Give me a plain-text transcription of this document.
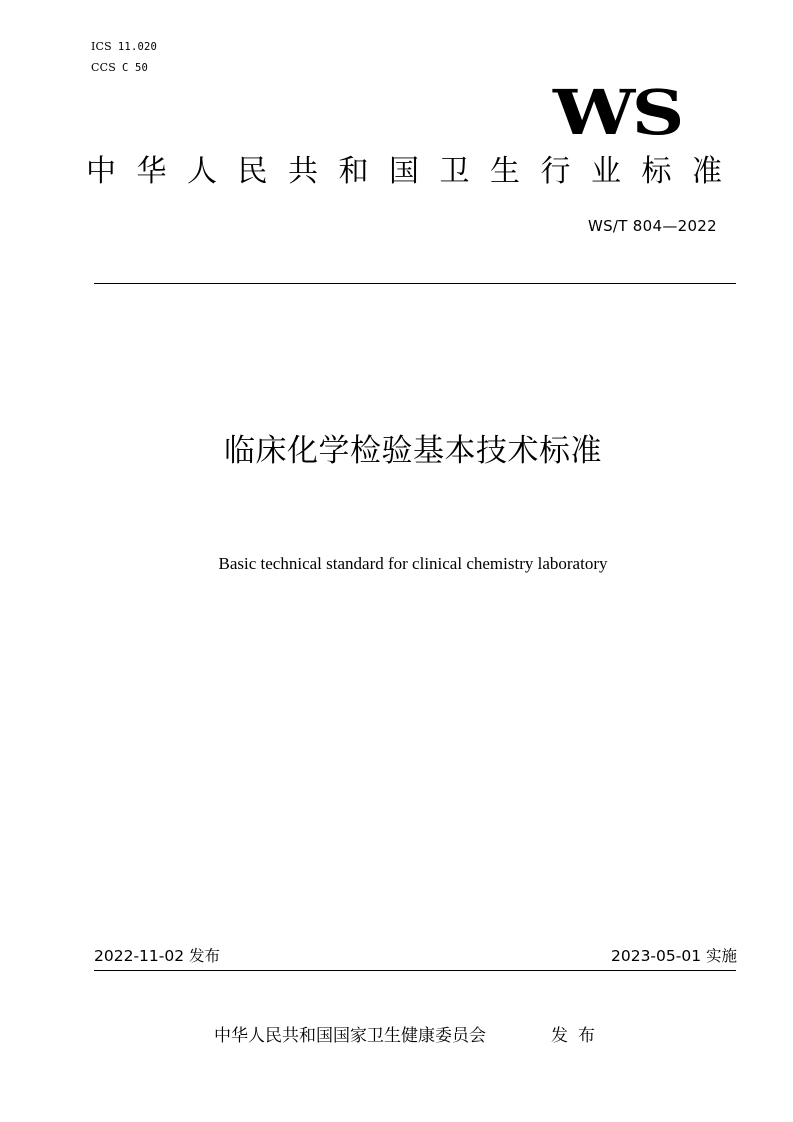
ICS 11.020
CCS C 50
WS
中华人民共和国卫生行业标准
WS/T 804—2022
临床化学检验基本技术标准
Basic technical standard for clinical chemistry laboratory
2022-11-02 发布	2023-05-01 实施
中华人民共和国国家卫生健康委员会	发布
